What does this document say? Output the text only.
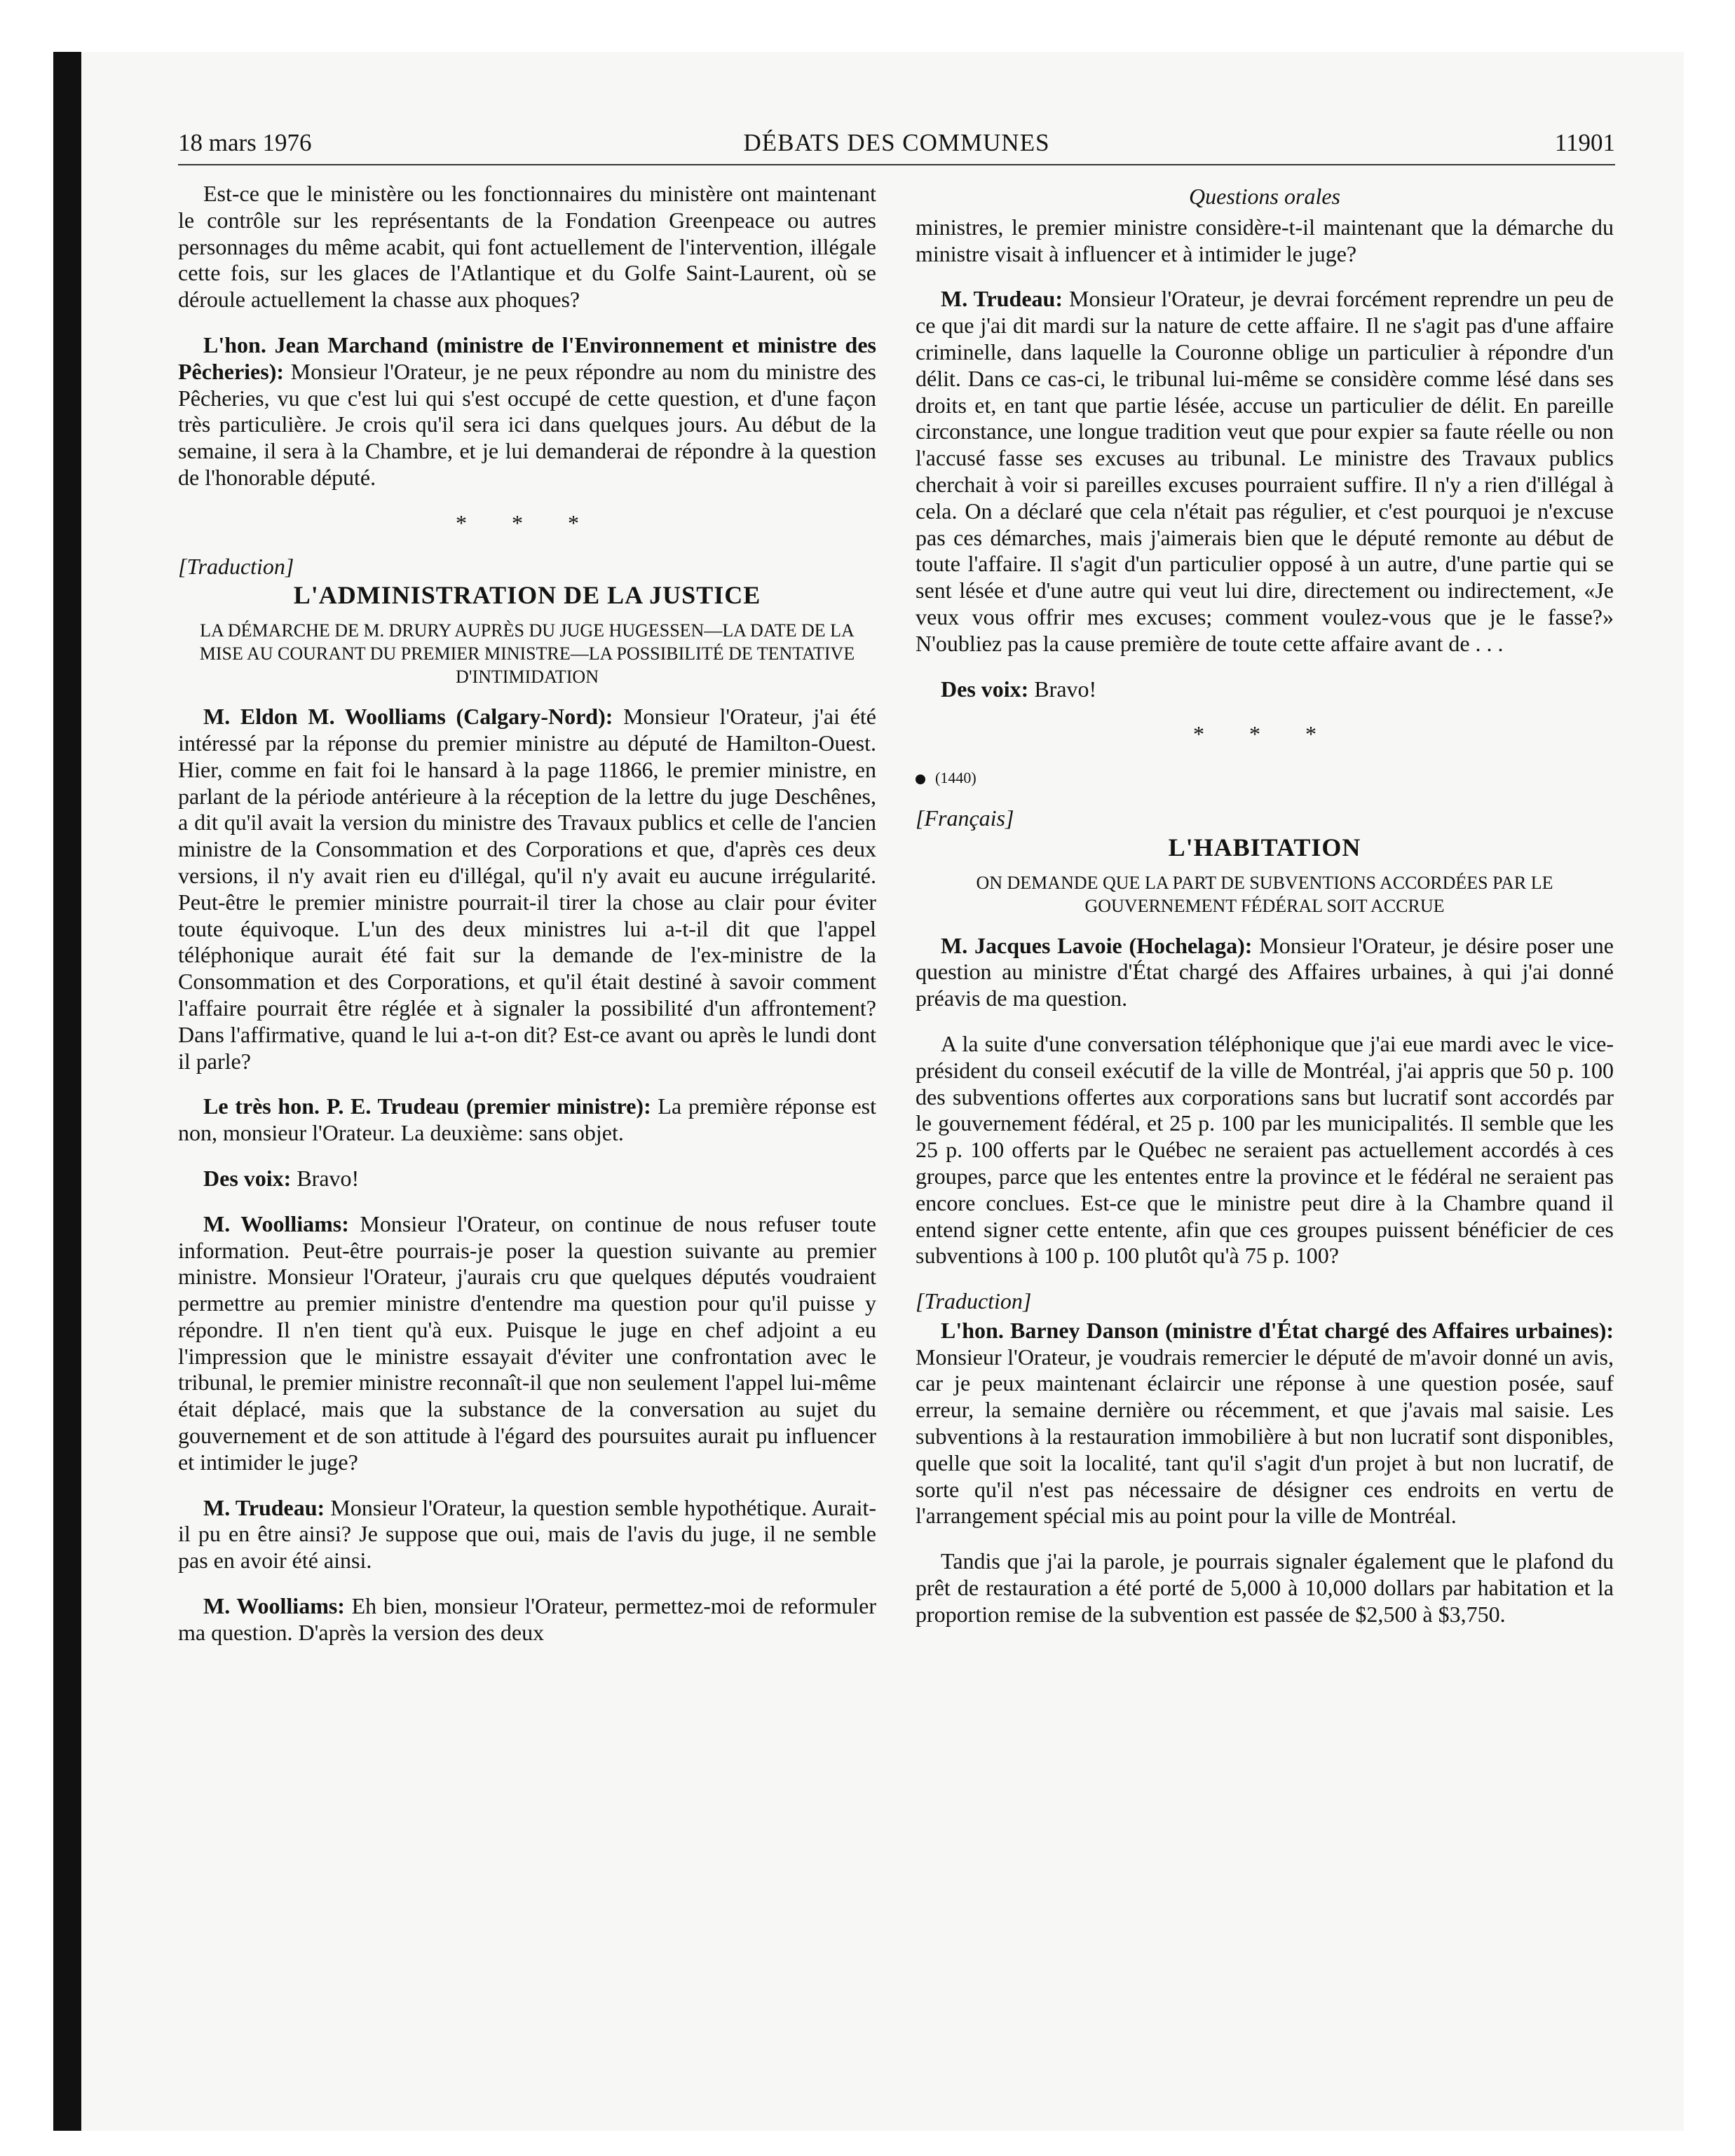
18 mars 1976	DÉBATS DES COMMUNES	11901

Est-ce que le ministère ou les fonctionnaires du ministère ont maintenant le contrôle sur les représentants de la Fondation Greenpeace ou autres personnages du même acabit, qui font actuellement de l'intervention, illégale cette fois, sur les glaces de l'Atlantique et du Golfe Saint-Laurent, où se déroule actuellement la chasse aux phoques?

L'hon. Jean Marchand (ministre de l'Environnement et ministre des Pêcheries): Monsieur l'Orateur, je ne peux répondre au nom du ministre des Pêcheries, vu que c'est lui qui s'est occupé de cette question, et d'une façon très particulière. Je crois qu'il sera ici dans quelques jours. Au début de la semaine, il sera à la Chambre, et je lui demanderai de répondre à la question de l'honorable député.

* * *

[Traduction]

L'ADMINISTRATION DE LA JUSTICE

LA DÉMARCHE DE M. DRURY AUPRÈS DU JUGE HUGESSEN—LA DATE DE LA MISE AU COURANT DU PREMIER MINISTRE—LA POSSIBILITÉ DE TENTATIVE D'INTIMIDATION

M. Eldon M. Woolliams (Calgary-Nord): Monsieur l'Orateur, j'ai été intéressé par la réponse du premier ministre au député de Hamilton-Ouest. Hier, comme en fait foi le hansard à la page 11866, le premier ministre, en parlant de la période antérieure à la réception de la lettre du juge Deschênes, a dit qu'il avait la version du ministre des Travaux publics et celle de l'ancien ministre de la Consommation et des Corporations et que, d'après ces deux versions, il n'y avait rien eu d'illégal, qu'il n'y avait eu aucune irrégularité. Peut-être le premier ministre pourrait-il tirer la chose au clair pour éviter toute équivoque. L'un des deux ministres lui a-t-il dit que l'appel téléphonique aurait été fait sur la demande de l'ex-ministre de la Consommation et des Corporations, et qu'il était destiné à savoir comment l'affaire pourrait être réglée et à signaler la possibilité d'un affrontement? Dans l'affirmative, quand le lui a-t-on dit? Est-ce avant ou après le lundi dont il parle?

Le très hon. P. E. Trudeau (premier ministre): La première réponse est non, monsieur l'Orateur. La deuxième: sans objet.

Des voix: Bravo!

M. Woolliams: Monsieur l'Orateur, on continue de nous refuser toute information. Peut-être pourrais-je poser la question suivante au premier ministre. Monsieur l'Orateur, j'aurais cru que quelques députés voudraient permettre au premier ministre d'entendre ma question pour qu'il puisse y répondre. Il n'en tient qu'à eux. Puisque le juge en chef adjoint a eu l'impression que le ministre essayait d'éviter une confrontation avec le tribunal, le premier ministre reconnaît-il que non seulement l'appel lui-même était déplacé, mais que la substance de la conversation au sujet du gouvernement et de son attitude à l'égard des poursuites aurait pu influencer et intimider le juge?

M. Trudeau: Monsieur l'Orateur, la question semble hypothétique. Aurait-il pu en être ainsi? Je suppose que oui, mais de l'avis du juge, il ne semble pas en avoir été ainsi.

M. Woolliams: Eh bien, monsieur l'Orateur, permettez-moi de reformuler ma question. D'après la version des deux

Questions orales

ministres, le premier ministre considère-t-il maintenant que la démarche du ministre visait à influencer et à intimider le juge?

M. Trudeau: Monsieur l'Orateur, je devrai forcément reprendre un peu de ce que j'ai dit mardi sur la nature de cette affaire. Il ne s'agit pas d'une affaire criminelle, dans laquelle la Couronne oblige un particulier à répondre d'un délit. Dans ce cas-ci, le tribunal lui-même se considère comme lésé dans ses droits et, en tant que partie lésée, accuse un particulier de délit. En pareille circonstance, une longue tradition veut que pour expier sa faute réelle ou non l'accusé fasse ses excuses au tribunal. Le ministre des Travaux publics cherchait à voir si pareilles excuses pourraient suffire. Il n'y a rien d'illégal à cela. On a déclaré que cela n'était pas régulier, et c'est pourquoi je n'excuse pas ces démarches, mais j'aimerais bien que le député remonte au début de toute l'affaire. Il s'agit d'un particulier opposé à un autre, d'une partie qui se sent lésée et d'une autre qui veut lui dire, directement ou indirectement, «Je veux vous offrir mes excuses; comment voulez-vous que je le fasse?» N'oubliez pas la cause première de toute cette affaire avant de . . .

Des voix: Bravo!

* * *

(1440)

[Français]

L'HABITATION

ON DEMANDE QUE LA PART DE SUBVENTIONS ACCORDÉES PAR LE GOUVERNEMENT FÉDÉRAL SOIT ACCRUE

M. Jacques Lavoie (Hochelaga): Monsieur l'Orateur, je désire poser une question au ministre d'État chargé des Affaires urbaines, à qui j'ai donné préavis de ma question.

A la suite d'une conversation téléphonique que j'ai eue mardi avec le vice-président du conseil exécutif de la ville de Montréal, j'ai appris que 50 p. 100 des subventions offertes aux corporations sans but lucratif sont accordés par le gouvernement fédéral, et 25 p. 100 par les municipalités. Il semble que les 25 p. 100 offerts par le Québec ne seraient pas actuellement accordés à ces groupes, parce que les ententes entre la province et le fédéral ne seraient pas encore conclues. Est-ce que le ministre peut dire à la Chambre quand il entend signer cette entente, afin que ces groupes puissent bénéficier de ces subventions à 100 p. 100 plutôt qu'à 75 p. 100?

[Traduction]

L'hon. Barney Danson (ministre d'État chargé des Affaires urbaines): Monsieur l'Orateur, je voudrais remercier le député de m'avoir donné un avis, car je peux maintenant éclaircir une réponse à une question posée, sauf erreur, la semaine dernière ou récemment, et que j'avais mal saisie. Les subventions à la restauration immobilière à but non lucratif sont disponibles, quelle que soit la localité, tant qu'il s'agit d'un projet à but non lucratif, de sorte qu'il n'est pas nécessaire de désigner ces endroits en vertu de l'arrangement spécial mis au point pour la ville de Montréal.

Tandis que j'ai la parole, je pourrais signaler également que le plafond du prêt de restauration a été porté de 5,000 à 10,000 dollars par habitation et la proportion remise de la subvention est passée de $2,500 à $3,750.
